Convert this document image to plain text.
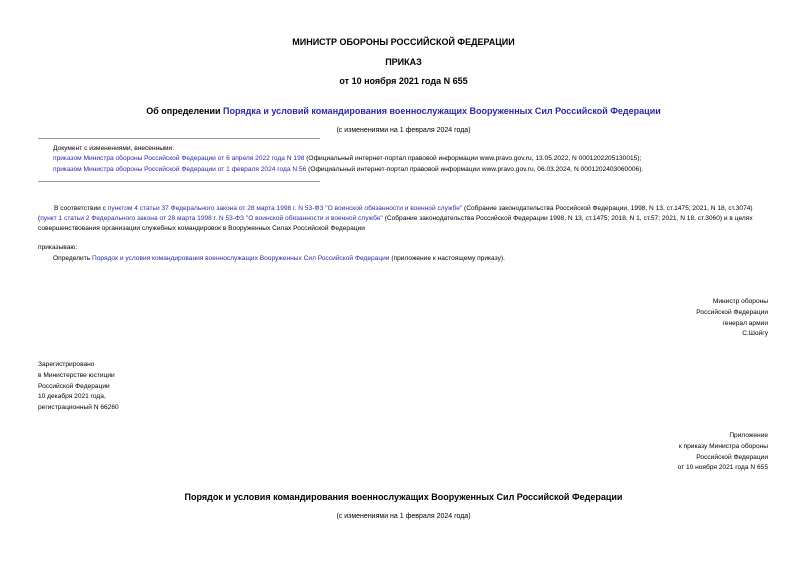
МИНИСТР ОБОРОНЫ РОССИЙСКОЙ ФЕДЕРАЦИИ
ПРИКАЗ
от 10 ноября 2021 года N 655
Об определении Порядка и условий командирования военнослужащих Вооруженных Сил Российской Федерации
(с изменениями на 1 февраля 2024 года)
Документ с изменениями, внесенными:
приказом Министра обороны Российской Федерации от 6 апреля 2022 года N 198 (Официальный интернет-портал правовой информации www.pravo.gov.ru, 13.05.2022, N 0001202205130015);
приказом Министра обороны Российской Федерации от 1 февраля 2024 года N 56 (Официальный интернет-портал правовой информации www.pravo.gov.ru, 06.03.2024, N 0001202403060006).
В соответствии с пунктом 4 статьи 37 Федерального закона от 28 марта 1998 г. N 53-ФЗ "О воинской обязанности и военной службе" (Собрание законодательства Российской Федерации, 1998, N 13, ст.1475; 2021, N 18, ст.3074) (пункт 1 статьи 2 Федерального закона от 28 марта 1998 г. N 53-ФЗ "О воинской обязанности и военной службе" (Собрание законодательства Российской Федерации 1998, N 13, ст.1475; 2018, N 1, ст.57; 2021, N 18, ст.3060) и в целях совершенствования организации служебных командировок в Вооруженных Силах Российской Федерации
приказываю:
Определить Порядок и условия командирования военнослужащих Вооруженных Сил Российской Федерации (приложение к настоящему приказу).
Министр обороны
Российской Федерации
генерал армии
С.Шойгу
Зарегистрировано
в Министерстве юстиции
Российской Федерации
10 декабря 2021 года,
регистрационный N 66260
Приложение
к приказу Министра обороны
Российской Федерации
от 10 ноября 2021 года N 655
Порядок и условия командирования военнослужащих Вооруженных Сил Российской Федерации
(с изменениями на 1 февраля 2024 года)
